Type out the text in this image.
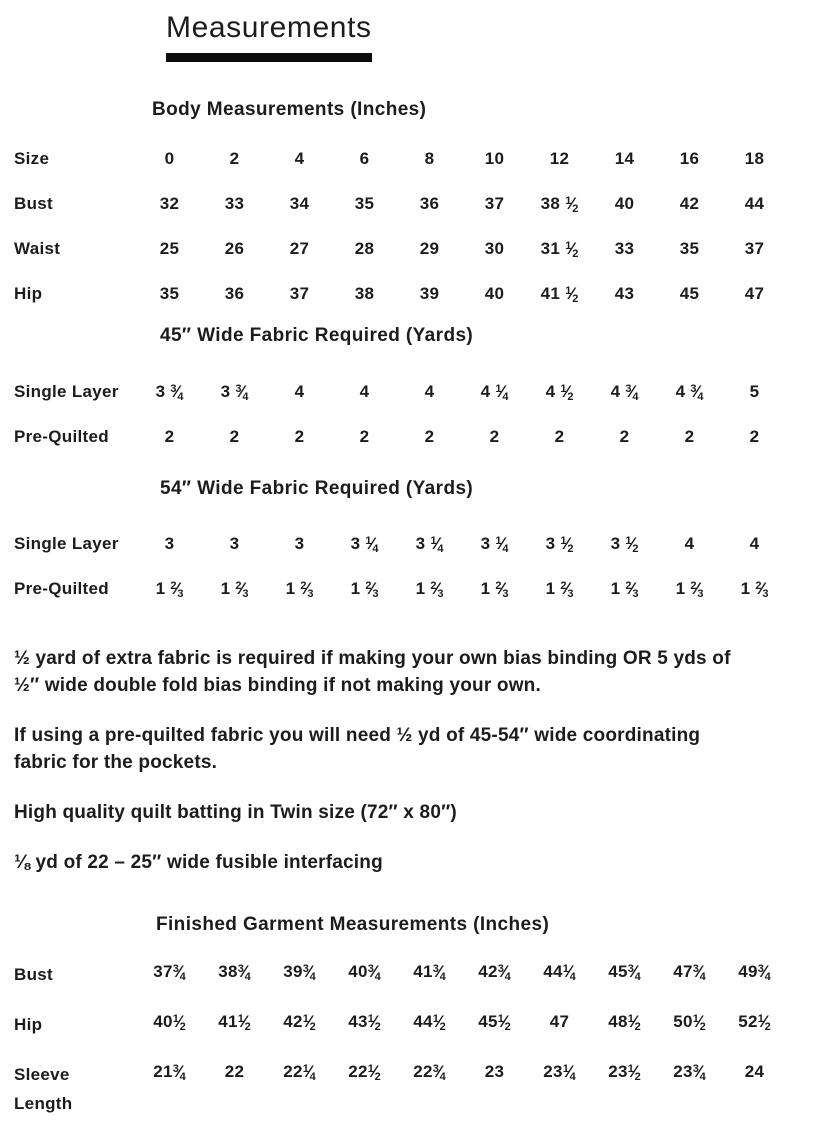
Measurements
Body Measurements (Inches)
Size	0	2	4	6	8	10	12	14	16	18
Bust	32	33	34	35	36	37	38 $^1⁄_2$	40	42	44
Waist	25	26	27	28	29	30	31 $^1⁄_2$	33	35	37
Hip	35	36	37	38	39	40	41 $^1⁄_2$	43	45	47
45″ Wide Fabric Required (Yards)
Single Layer	3 $^3⁄_4$	3 $^3⁄_4$	4	4	4	4 $^1⁄_4$	4 $^1⁄_2$	4 $^3⁄_4$	4 $^3⁄_4$	5
Pre-Quilted	2	2	2	2	2	2	2	2	2	2
54″ Wide Fabric Required (Yards)
Single Layer	3	3	3	3 $^1⁄_4$	3 $^1⁄_4$	3 $^1⁄_4$	3 $^1⁄_2$	3 $^1⁄_2$	4	4
Pre-Quilted	1 $^2⁄_3$	1 $^2⁄_3$	1 $^2⁄_3$	1 $^2⁄_3$	1 $^2⁄_3$	1 $^2⁄_3$	1 $^2⁄_3$	1 $^2⁄_3$	1 $^2⁄_3$	1 $^2⁄_3$

½ yard of extra fabric is required if making your own bias binding OR 5 yds of ½″ wide double fold bias binding if not making your own.

If using a pre-quilted fabric you will need ½ yd of 45-54″ wide coordinating fabric for the pockets.

High quality quilt batting in Twin size (72″ x 80″)

⅛ yd of 22 – 25″ wide fusible interfacing

Finished Garment Measurements (Inches)
Bust	$37^3⁄_4$	$38^3⁄_4$	$39^3⁄_4$	$40^3⁄_4$	$41^3⁄_4$	$42^3⁄_4$	$44^1⁄_4$	$45^3⁄_4$	$47^3⁄_4$	$49^3⁄_4$
Hip	$40^1⁄_2$	$41^1⁄_2$	$42^1⁄_2$	$43^1⁄_2$	$44^1⁄_2$	$45^1⁄_2$	47	$48^1⁄_2$	$50^1⁄_2$	$52^1⁄_2$
Sleeve Length
$21^3⁄_4$	22	$22^1⁄_4$	$22^1⁄_2$	$22^3⁄_4$	23	$23^1⁄_4$	$23^1⁄_2$	$23^3⁄_4$	24
